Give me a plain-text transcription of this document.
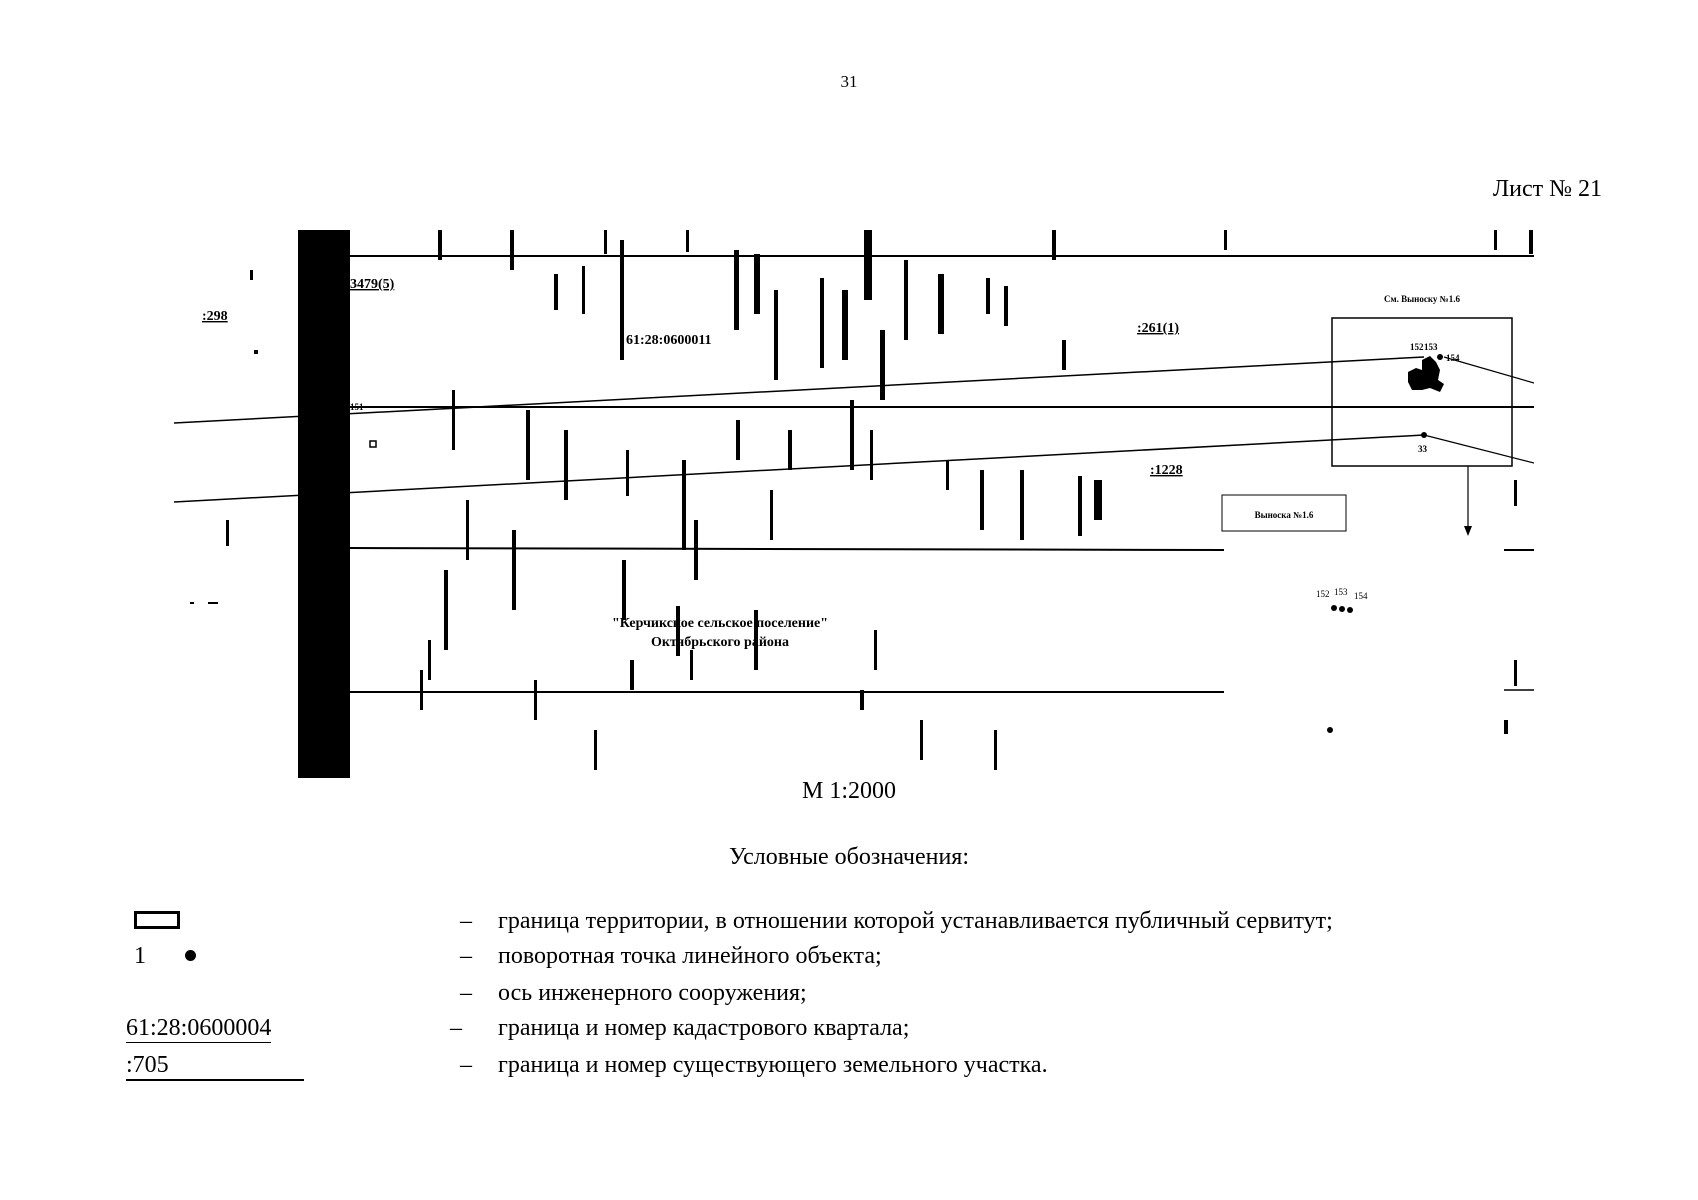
31
Лист № 21
:298
3479(5)
:261(1)
:1228
61:28:0600011
"Керчикское сельское поселение"
Октябрьского района
См. Выноску №1.6
Выноска №1.6
151
152 153
154
33
152 153 154
М 1:2000
Условные обозначения:
– граница территории, в отношении которой устанавливается публичный сервитут;
1	– поворотная точка линейного объекта;
– ось инженерного сооружения;
61:28:0600004	– граница и номер кадастрового квартала;
:705	– граница и номер существующего земельного участка.
